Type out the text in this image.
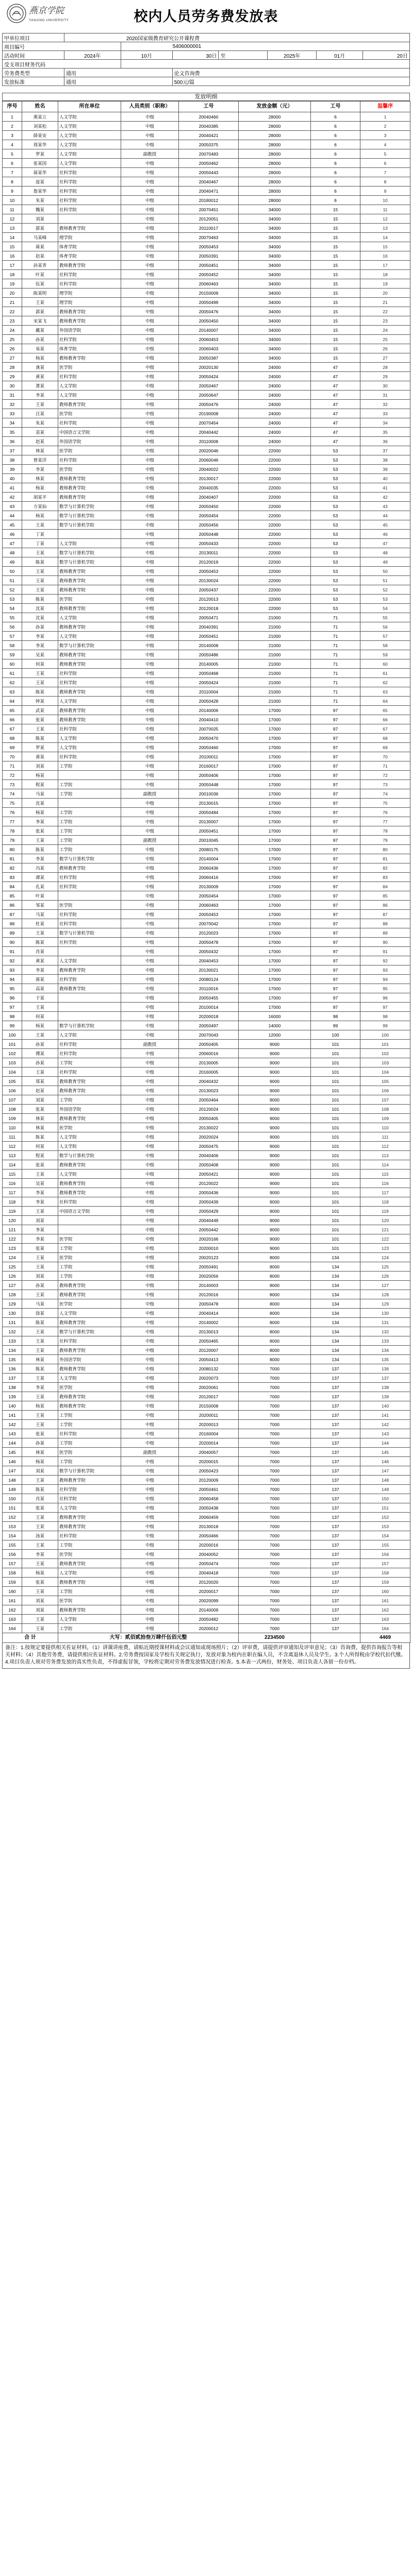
燕京学院
YANJING UNIVERSITY	校内人员劳务费发放表
甲单位项目	2020国家级教育研究公开课程费						
项目编号		5406000001					
活动时间	2024年	10月	30日	至	2025年	01月	20日
受支项目财务代码							
劳务费类型	通用		论文咨询费				
发放标准	通用		500元/篇				
发放明细
序号	姓名	所在单位	人员类别（职称）	工号	发放金额（元）	工号	温馨序
1	燕某立	人文学院	中级	20040460	28000	6	1
2	刘某松	人文学院	中级	20040385	28000	6	2
3	薛某安	人文学院	中级	20040421	28000	6	3
4	周某华	人文学院	中级	20050375	28000	6	4
5	罗某	人文学院	副教授	20070483	28000	6	5
6	张某国	人文学院	中级	20050462	28000	6	6
7	蒋某华	社科学院	中级	20050443	28000	6	7
8	庞某	社科学院	中级	20040467	28000	6	8
9	詹某华	社科学院	中级	20040471	28000	6	9
10	朱某	社科学院	中级	20180012	28000	6	10
11	魏某	社科学院	中级	20070451	34000	15	11
12	刘某		中级	20120051	34000	15	12
13	郭某	教师教育学院	中级	20110017	34000	15	13
14	马某峰	理学院	中级	20070463	34000	15	14
15	蒋某	体育学院	中级	20050453	34000	15	15
16	赵某	体育学院	中级	20050391	34000	15	16
17	孙某青	教师教育学院	中级	20050451	34000	15	17
18	叶某	社科学院	中级	20050452	34000	15	18
19	伍某	社科学院	中级	20060463	34000	15	19
20	陈某明	理学院	中级	20150009	34000	15	20
21	王某	理学院	中级	20050499	34000	15	21
22	郭某	教师教育学院	中级	20050476	34000	15	22
23	宋某飞	教师教育学院	中级	20050450	34000	15	23
24	戴某	外国语学院	中级	20140007	34000	15	24
25	孙某	社科学院	中级	20060453	34000	15	25
26	易某	体育学院	中级	20060403	34000	15	26
27	杨某	教师教育学院	中级	20050387	34000	15	27
28	龚某	医学院	中级	20020130	24000	47	28
29	黄某	社科学院	中级	20050424	24000	47	29
30	萧某	人文学院	中级	20050467	24000	47	30
31	李某	人文学院	中级	20050647	24000	47	31
32	王某	教师教育学院	中级	20050476	24000	47	32
33	汪某	医学院	中级	20190008	24000	47	33
34	朱某	社科学院	中级	20070454	24000	47	34
35	袁某	中国语言文学院	中级	20040442	24000	47	35
36	赵某	外国语学院	中级	20110008	24000	47	36
37	林某	医学院	中级	20020046	22000	53	37
38	曾某洋	社科学院	中级	20060046	22000	53	38
39	李某	医学院	中级	20040022	22000	53	39
40	林某	教师教育学院	中级	20130017	22000	53	40
41	杨某	教师教育学院	中级	20040035	22000	53	41
42	胡某平	教师教育学院	中级	20040407	22000	53	42
43	方某仙	数学与计算机学院	中级	20050450	22000	53	43
44	杨某	数学与计算机学院	中级	20050454	22000	53	44
45	王某	数学与计算机学院	中级	20050456	22000	53	45
46	丁某		中级	20050448	22000	53	46
47	丁某	人文学院	中级	20050433	22000	53	47
48	王某	数学与计算机学院	中级	20130011	22000	53	48
49	陈某	数学与计算机学院	中级	20120019	22000	53	49
50	王某	教师教育学院	中级	20050453	22000	53	50
51	王某	教师教育学院	中级	20130024	22000	53	51
52	王某	教师教育学院	中级	20050437	22000	53	52
53	陈某	医学院	中级	20120013	22000	53	53
54	沈某	教师教育学院	中级	20120018	22000	53	54
55	沈某	人文学院	中级	20050471	21000	71	55
56	孙某	教师教育学院	中级	20040391	21000	71	56
57	李某	人文学院	中级	20050451	21000	71	57
58	李某	数学与计算机学院	中级	20140008	21000	71	58
59	吴某	教师教育学院	中级	20050486	21000	71	59
60	何某	教师教育学院	中级	20140005	21000	71	60
61	王某	社科学院	中级	20050468	21000	71	61
62	王某	社科学院	中级	20050424	21000	71	62
63	陈某	教师教育学院	中级	20110004	21000	71	63
64	钟某	人文学院	中级	20050428	21000	71	64
65	武某	教师教育学院	中级	20140006	17000	97	65
66	张某	教师教育学院	中级	20040410	17000	97	66
67	王某	社科学院	中级	20070025	17000	97	67
68	陈某	人文学院	中级	20050470	17000	97	68
69	罗某	人文学院	中级	20050460	17000	97	69
70	黄某	社科学院	中级	20100011	17000	97	70
71	刘某	工学院	中级	20160017	17000	97	71
72	杨某		中级	20050406	17000	97	72
73	程某	工学院	中级	20050448	17000	97	73
74	马某	工学院	副教授	20010036	17000	97	74
75	沈某		中级	20130015	17000	97	75
76	杨某	工学院	中级	20050484	17000	97	76
77	李某	工学院	中级	20130007	17000	97	77
78	张某	工学院	中级	20050451	17000	97	78
79	王某	工学院	副教授	20010045	17000	97	79
80	陈某	工学院	中级	20080175	17000	97	80
81	李某	数学与计算机学院	中级	20140004	17000	97	81
82	冯某	教师教育学院	中级	20060436	17000	97	82
83	谭某	社科学院	中级	20060416	17000	97	83
84	孔某	社科学院	中级	20130009	17000	97	84
85	叶某		中级	20050454	17000	97	85
86	邹某	医学院	中级	20060463	17000	97	86
87	马某	社科学院	中级	20050453	17000	97	87
88	杜某	社科学院	中级	20070042	17000	97	88
89	王某	数学与计算机学院	中级	20120023	17000	97	89
90	陈某	社科学院	中级	20050478	17000	97	90
91	肖某		中级	20050432	17000	97	91
92	黄某	人文学院	中级	20040453	17000	97	92
93	李某	教师教育学院	中级	20130021	17000	97	93
94	蒋某	社科学院	中级	20080124	17000	97	94
95	高某	教师教育学院	中级	20110016	17000	97	95
96	于某		中级	20050455	17000	97	96
97	王某		中级	20100014	17000	97	97
98	何某		中级	20200018	16000	98	98
99	杨某	数学与计算机学院	中级	20050497	14000	99	99
100	王某	人文学院	中级	20070043	12000	100	100
101	孙某	社科学院	副教授	20050405	9000	101	101
102	傅某	社科学院	中级	20060016	9000	101	102
103	孙某	工学院	中级	20130005	9000	101	103
104	王某	社科学院	中级	20160005	9000	101	104
105	郑某	教师教育学院	中级	20040432	9000	101	105
106	赵某	教师教育学院	中级	20130023	9000	101	106
107	刘某	工学院	中级	20050464	9000	101	107
108	张某	外国语学院	中级	20120024	9000	101	108
109	林某	教师教育学院	中级	20050405	9000	101	109
110	林某	医学院	中级	20130022	9000	101	110
111	陈某	人文学院	中级	20020024	9000	101	111
112	何某	人文学院	中级	20050475	9000	101	112
113	程某	数学与计算机学院	中级	20040406	9000	101	113
114	张某	教师教育学院	中级	20050408	9000	101	114
115	王某	人文学院	中级	20050421	9000	101	115
116	吴某	教师教育学院	中级	20120022	9000	101	116
117	李某	教师教育学院	中级	20050436	9000	101	117
118	李某	社科学院	中级	20050439	9000	101	118
119	王某	中国语言文学院	中级	20050429	9000	101	119
120	刘某		中级	20040449	9000	101	120
121	李某		中级	20050442	9000	101	121
122	李某	医学院	中级	20020166	9000	101	122
123	张某	工学院	中级	20200010	9000	101	123
124	王某	医学院	中级	20020123	8000	134	124
125	王某	工学院	中级	20050491	8000	134	125
126	刘某	工学院	中级	20020056	8000	134	126
127	孙某	教师教育学院	中级	20140003	8000	134	127
128	王某	教师教育学院	中级	20120016	8000	134	128
129	马某	医学院	中级	20050478	8000	134	129
130	徐某	人文学院	中级	20040414	8000	134	130
131	陈某	教师教育学院	中级	20140002	8000	134	131
132	王某	数学与计算机学院	中级	20130013	8000	134	132
133	王某	社科学院	中级	20050465	8000	134	133
134	王某	教师教育学院	中级	20120007	8000	134	134
135	林某	外国语学院	中级	20050413	8000	134	135
136	陈某	教师教育学院	中级	20080132	7000	137	136
137	王某	人文学院	中级	20020073	7000	137	137
138	李某	医学院	中级	20020061	7000	137	138
139	王某	教师教育学院	中级	20120017	7000	137	139
140	杨某	教师教育学院	中级	20150008	7000	137	140
141	王某	工学院	中级	20200011	7000	137	141
142	王某	工学院	中级	20200013	7000	137	142
143	张某	社科学院	中级	20160004	7000	137	143
144	孙某	工学院	中级	20200014	7000	137	144
145	林某	医学院	副教授	20040057	7000	137	145
146	杨某	工学院	中级	20200015	7000	137	146
147	刘某	数学与计算机学院	中级	20050423	7000	137	147
148	王某	教师教育学院	中级	20120009	7000	137	148
149	陈某	社科学院	中级	20050461	7000	137	149
150	肖某	社科学院	中级	20060458	7000	137	150
151	张某	人文学院	中级	20050438	7000	137	151
152	王某	教师教育学院	中级	20060459	7000	137	152
153	王某	教师教育学院	中级	20130018	7000	137	153
154	汤某	社科学院	中级	20050466	7000	137	154
155	王某	工学院	中级	20200016	7000	137	155
156	李某	医学院	中级	20040052	7000	137	156
157	王某	教师教育学院	中级	20050474	7000	137	157
158	杨某	人文学院	中级	20040418	7000	137	158
159	张某	教师教育学院	中级	20120020	7000	137	159
160	王某	工学院	中级	20200017	7000	137	160
161	刘某	医学院	中级	20020099	7000	137	161
162	刘某	教师教育学院	中级	20140009	7000	137	162
163	王某	人文学院	中级	20050482	7000	137	163
164	王某	工学院	中级	20200012	7000	137	164
合 计		大写：贰佰贰拾叁万肆仟伍佰元整			2234500		4469
备注：1.按规定要提供相关佐证材料，（1）讲课讲座费，请贴近期授课材料或会议通知或现场照片；（2）评审费，请提供评审通知及评审意见；（3）咨询费，提供咨询报告等相关材料；（4）其他劳务费，请提供相应佐证材料。2.劳务费按国家及学校有关规定执行，发放对象为校内在职在编人员，不含离退休人员及学生。3.个人所得税由学校代扣代缴。4.项目负责人须对劳务费发放的真实性负责，不得虚报冒领，学校将定期对劳务费发放情况进行检查。5.本表一式两份，财务处、项目负责人各留一份存档。
